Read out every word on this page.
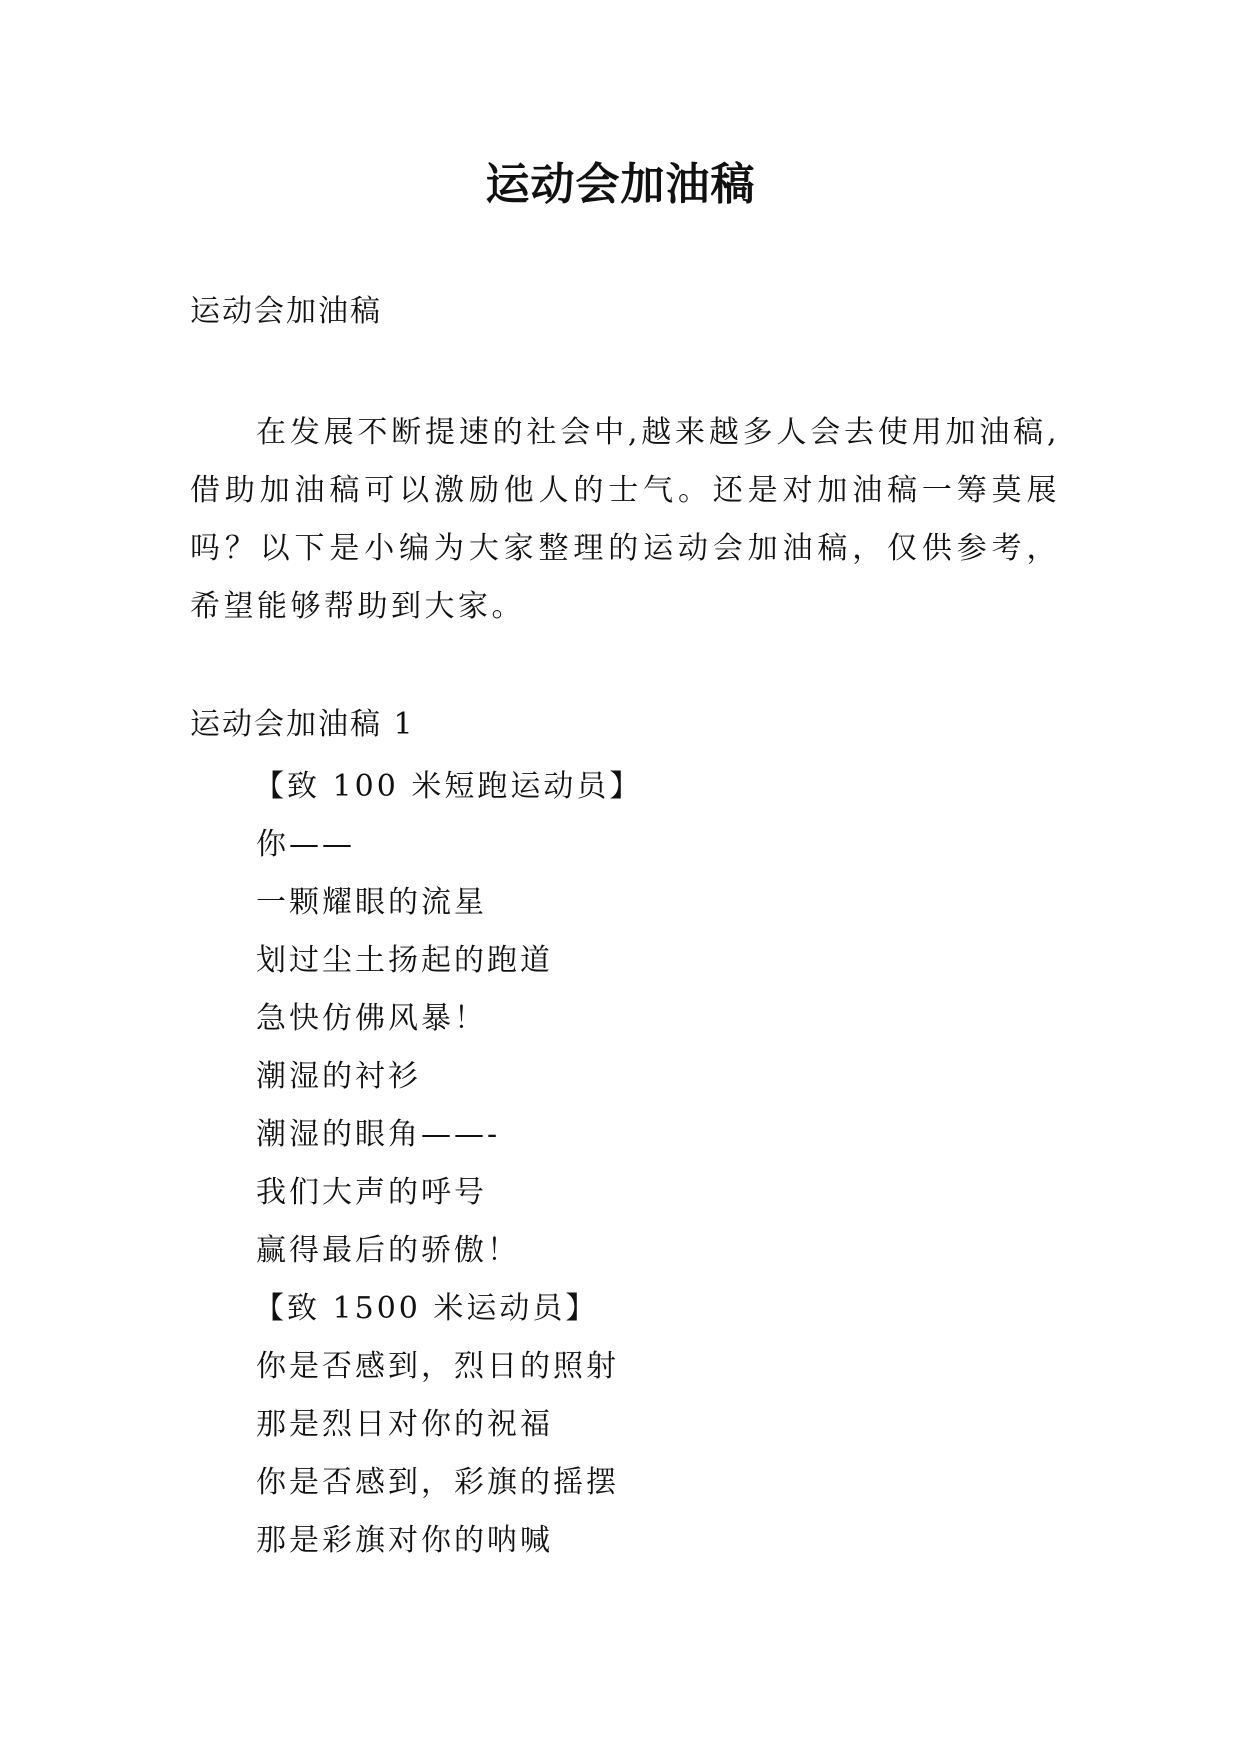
运动会加油稿

运动会加油稿

在发展不断提速的社会中,越来越多人会去使用加油稿,借助加油稿可以激励他人的士气。还是对加油稿一筹莫展吗？以下是小编为大家整理的运动会加油稿，仅供参考，希望能够帮助到大家。

运动会加油稿 1

【致 100 米短跑运动员】
你——
一颗耀眼的流星
划过尘土扬起的跑道
急快仿佛风暴！
潮湿的衬衫
潮湿的眼角——-
我们大声的呼号
赢得最后的骄傲！
【致 1500 米运动员】
你是否感到，烈日的照射
那是烈日对你的祝福
你是否感到，彩旗的摇摆
那是彩旗对你的呐喊
